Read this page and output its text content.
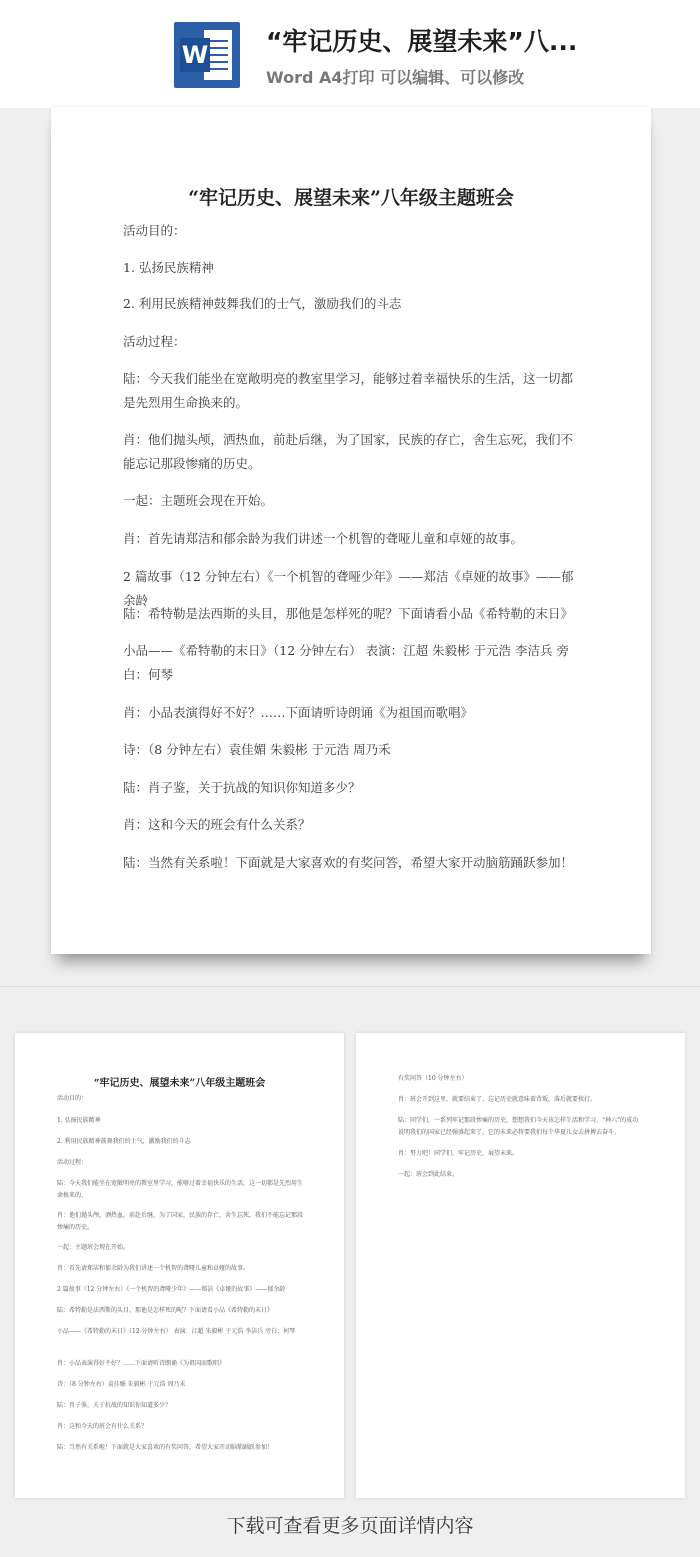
W “牢记历史、展望未来”八...
Word A4打印 可以编辑、可以修改
“牢记历史、展望未来”八年级主题班会
活动目的：
1. 弘扬民族精神
2. 利用民族精神鼓舞我们的士气，激励我们的斗志
活动过程：
陆：今天我们能坐在宽敞明亮的教室里学习，能够过着幸福快乐的生活，这一切都是先烈用生命换来的。
肖：他们抛头颅，洒热血，前赴后继，为了国家，民族的存亡，舍生忘死，我们不能忘记那段惨痛的历史。
一起：主题班会现在开始。
肖：首先请郑洁和郁余龄为我们讲述一个机智的聋哑儿童和卓娅的故事。
2 篇故事（12 分钟左右）《一个机智的聋哑少年》——郑洁《卓娅的故事》——郁余龄
陆：希特勒是法西斯的头目，那他是怎样死的呢？下面请看小品《希特勒的末日》
小品——《希特勒的末日》（12 分钟左右） 表演：江超 朱毅彬 于元浩 李洁兵 旁白：何琴
肖：小品表演得好不好？……下面请听诗朗诵《为祖国而歌唱》
诗：（8 分钟左右）袁佳媚 朱毅彬 于元浩 周乃禾
陆：肖子鉴，关于抗战的知识你知道多少？
肖：这和今天的班会有什么关系？
陆：当然有关系啦！下面就是大家喜欢的有奖问答，希望大家开动脑筋踊跃参加！
“牢记历史、展望未来”八年级主题班会
活动目的：
1. 弘扬民族精神
2. 利用民族精神鼓舞我们的士气，激励我们的斗志
活动过程：
陆：今天我们能坐在宽敞明亮的教室里学习，能够过着幸福快乐的生活，这一切都是先烈用生命换来的。
肖：他们抛头颅，洒热血，前赴后继，为了国家，民族的存亡，舍生忘死，我们不能忘记那段惨痛的历史。
一起：主题班会现在开始。
肖：首先请郑洁和郁余龄为我们讲述一个机智的聋哑儿童和卓娅的故事。
2 篇故事（12 分钟左右）《一个机智的聋哑少年》——郑洁《卓娅的故事》——郁余龄
陆：希特勒是法西斯的头目，那他是怎样死的呢？下面请看小品《希特勒的末日》
小品——《希特勒的末日》（12 分钟左右） 表演：江超 朱毅彬 于元浩 李洁兵 旁白：何琴
肖：小品表演得好不好？……下面请听诗朗诵《为祖国而歌唱》
诗：（8 分钟左右）袁佳媚 朱毅彬 于元浩 周乃禾
陆：肖子鉴，关于抗战的知识你知道多少？
肖：这和今天的班会有什么关系？
陆：当然有关系啦！下面就是大家喜欢的有奖问答，希望大家开动脑筋踊跃参加！
有奖问答（10 分钟左右）
肖：班会开到这里，就要结束了，忘记历史就意味着背叛，落后就要挨打。
陆：同学们，一系列牢记那段惨痛的历史，想想我们今天该怎样生活和学习，“神六”的成功说明我们的国家已经强盛起来了，它的未来必将要我们每个华夏儿女去拼搏去奋斗。
肖：努力吧！同学们，牢记历史，展望未来。
一起：班会到此结束。
下载可查看更多页面详情内容
